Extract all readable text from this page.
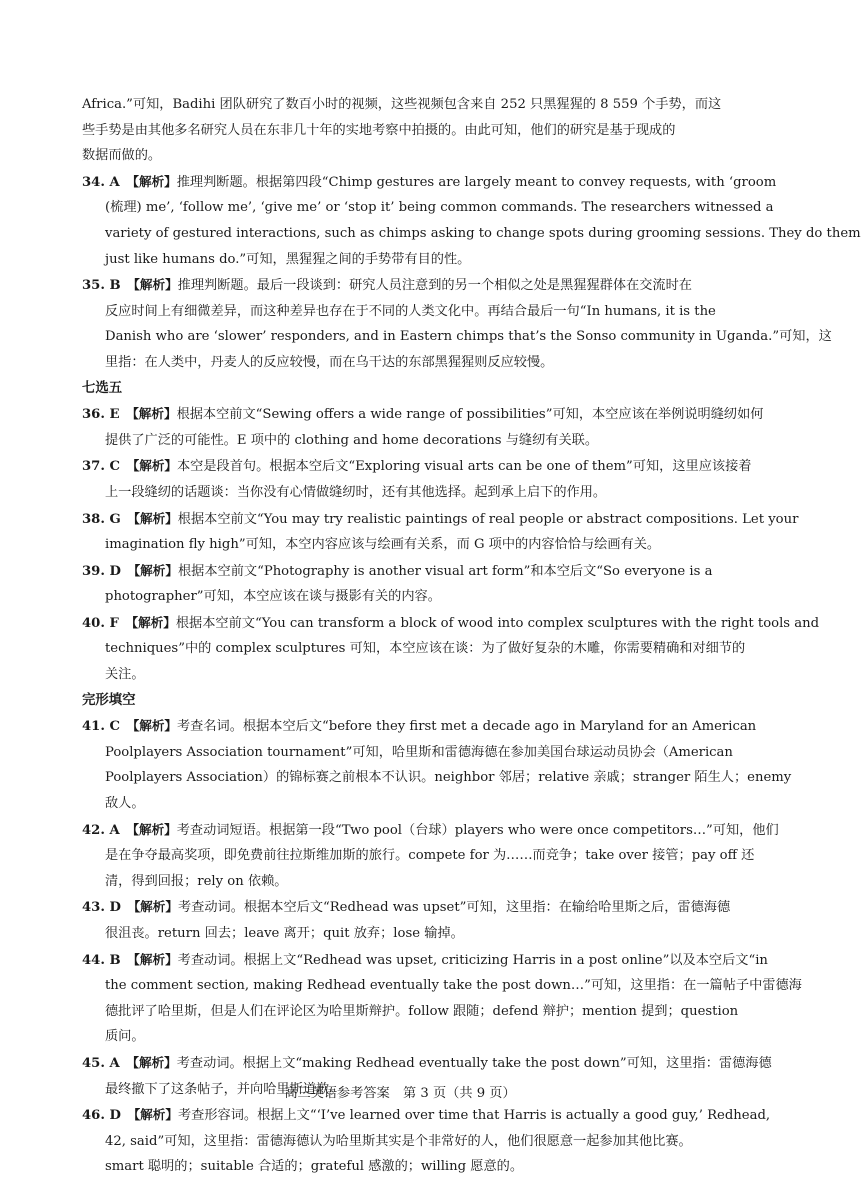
Africa.”可知，Badihi 团队研究了数百小时的视频，这些视频包含来自 252 只黑猩猩的 8 559 个手势，而这
些手势是由其他多名研究人员在东非几十年的实地考察中拍摄的。由此可知，他们的研究是基于现成的
数据而做的。
34. A  【解析】推理判断题。根据第四段“Chimp gestures are largely meant to convey requests, with ‘groom
(梳理) me’, ‘follow me’, ‘give me’ or ‘stop it’ being common commands. The researchers witnessed a
variety of gestured interactions, such as chimps asking to change spots during grooming sessions. They do them
just like humans do.”可知，黑猩猩之间的手势带有目的性。
35. B  【解析】推理判断题。最后一段谈到：研究人员注意到的另一个相似之处是黑猩猩群体在交流时在
反应时间上有细微差异，而这种差异也存在于不同的人类文化中。再结合最后一句“In humans, it is the
Danish who are ‘slower’ responders, and in Eastern chimps that’s the Sonso community in Uganda.”可知，这
里指：在人类中，丹麦人的反应较慢，而在乌干达的东部黑猩猩则反应较慢。
七选五
36. E  【解析】根据本空前文“Sewing offers a wide range of possibilities”可知，本空应该在举例说明缝纫如何
提供了广泛的可能性。E 项中的 clothing and home decorations 与缝纫有关联。
37. C  【解析】本空是段首句。根据本空后文“Exploring visual arts can be one of them”可知，这里应该接着
上一段缝纫的话题谈：当你没有心情做缝纫时，还有其他选择。起到承上启下的作用。
38. G  【解析】根据本空前文“You may try realistic paintings of real people or abstract compositions. Let your
imagination fly high”可知，本空内容应该与绘画有关系，而 G 项中的内容恰恰与绘画有关。
39. D  【解析】根据本空前文“Photography is another visual art form”和本空后文“So everyone is a
photographer”可知，本空应该在谈与摄影有关的内容。
40. F  【解析】根据本空前文“You can transform a block of wood into complex sculptures with the right tools and
techniques”中的 complex sculptures 可知，本空应该在谈：为了做好复杂的木雕，你需要精确和对细节的
关注。
完形填空
41. C  【解析】考查名词。根据本空后文“before they first met a decade ago in Maryland for an American
Poolplayers Association tournament”可知，哈里斯和雷德海德在参加美国台球运动员协会（American
Poolplayers Association）的锦标赛之前根本不认识。neighbor 邻居；relative 亲戚；stranger 陌生人；enemy
敌人。
42. A  【解析】考查动词短语。根据第一段“Two pool（台球）players who were once competitors…”可知，他们
是在争夺最高奖项，即免费前往拉斯维加斯的旅行。compete for 为……而竞争；take over 接管；pay off 还
清，得到回报；rely on 依赖。
43. D  【解析】考查动词。根据本空后文“Redhead was upset”可知，这里指：在输给哈里斯之后，雷德海德
很沮丧。return 回去；leave 离开；quit 放弃；lose 输掉。
44. B  【解析】考查动词。根据上文“Redhead was upset, criticizing Harris in a post online”以及本空后文“in
the comment section, making Redhead eventually take the post down…”可知，这里指：在一篇帖子中雷德海
德批评了哈里斯，但是人们在评论区为哈里斯辩护。follow 跟随；defend 辩护；mention 提到；question
质问。
45. A  【解析】考查动词。根据上文“making Redhead eventually take the post down”可知，这里指：雷德海德
最终撤下了这条帖子，并向哈里斯道歉。
46. D  【解析】考查形容词。根据上文“‘I’ve learned over time that Harris is actually a good guy,’ Redhead,
42, said”可知，这里指：雷德海德认为哈里斯其实是个非常好的人，他们很愿意一起参加其他比赛。
smart 聪明的；suitable 合适的；grateful 感激的；willing 愿意的。
高三英语参考答案　第 3 页（共 9 页）
